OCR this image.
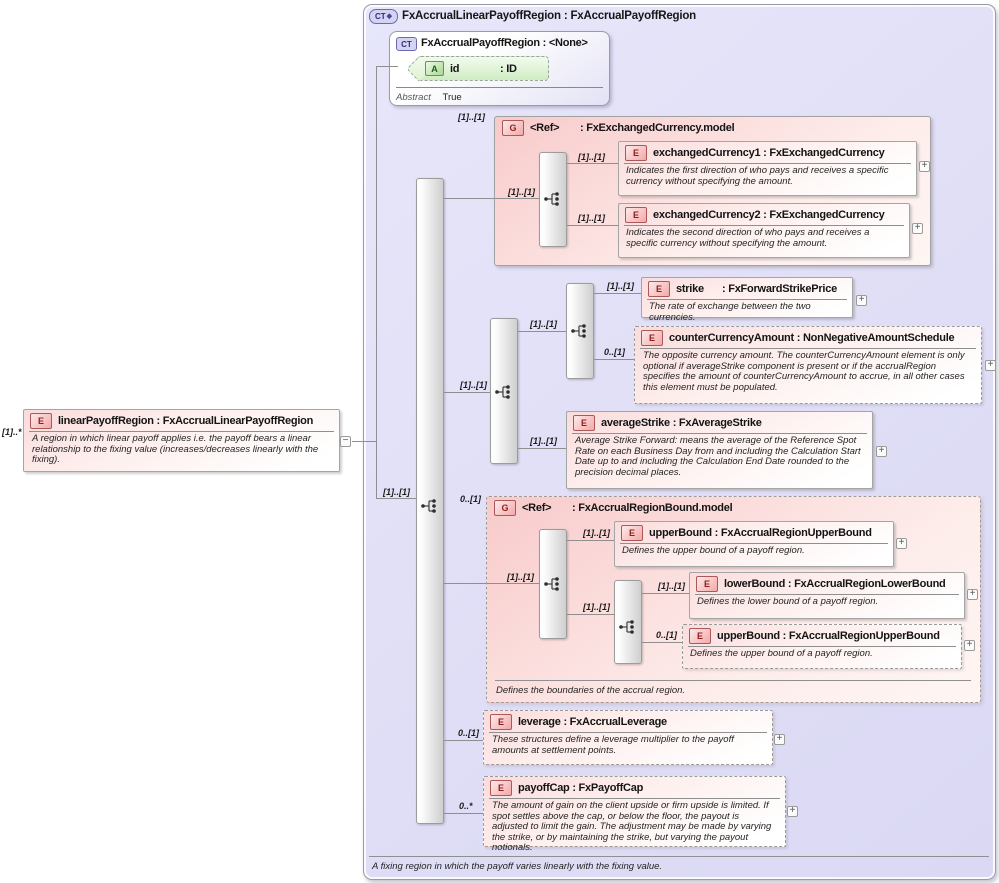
[1]..*
E	linearPayoffRegion : FxAccrualLinearPayoffRegion
A region in which linear payoff applies i.e. the payoff bears a linear relationship to the fixing value (increases/decreases linearly with the fixing).
−
CT ◆ FxAccrualLinearPayoffRegion : FxAccrualPayoffRegion
CT FxAccrualPayoffRegion : <None>
A	id	: ID
Abstract True
[1]..[1]
[1]..[1]
G	<Ref> : FxExchangedCurrency.model
[1]..[1]
[1]..[1]	E	exchangedCurrency1 : FxExchangedCurrency
Indicates the first direction of who pays and receives a specific currency without specifying the amount.
+
[1]..[1]	E	exchangedCurrency2 : FxExchangedCurrency
Indicates the second direction of who pays and receives a specific currency without specifying the amount.
+
[1]..[1]
[1]..[1]
[1]..[1]	E	strike : FxForwardStrikePrice
The rate of exchange between the two currencies.
+
0..[1]
E	counterCurrencyAmount : NonNegativeAmountSchedule
The opposite currency amount. The counterCurrencyAmount element is only optional if averageStrike component is present or if the accrualRegion specifies the amount of counterCurrencyAmount to accrue, in all other cases this element must be populated.
+
[1]..[1]
E	averageStrike : FxAverageStrike
Average Strike Forward: means the average of the Reference Spot Rate on each Business Day from and including the Calculation Start Date up to and including the Calculation End Date rounded to the precision decimal places.
+
0..[1]
G	<Ref> : FxAccrualRegionBound.model
[1]..[1]
[1]..[1]	E	upperBound : FxAccrualRegionUpperBound
Defines the upper bound of a payoff region.
+
[1]..[1]
[1]..[1]	E	lowerBound : FxAccrualRegionLowerBound
Defines the lower bound of a payoff region.
+
0..[1]	E	upperBound : FxAccrualRegionUpperBound
Defines the upper bound of a payoff region.
+
Defines the boundaries of the accrual region.
0..[1]
E	leverage : FxAccrualLeverage
These structures define a leverage multiplier to the payoff amounts at settlement points.
+
0..*
E	payoffCap : FxPayoffCap
The amount of gain on the client upside or firm upside is limited. If spot settles above the cap, or below the floor, the payout is adjusted to limit the gain. The adjustment may be made by varying the strike, or by maintaining the strike, but varying the payout notionals.
+
A fixing region in which the payoff varies linearly with the fixing value.
